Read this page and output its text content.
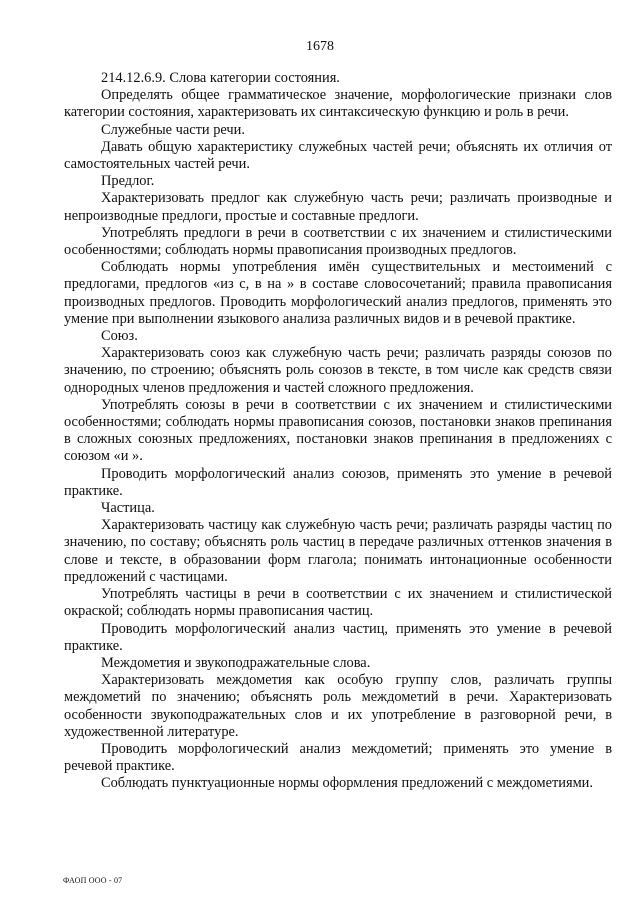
1678

214.12.6.9. Слова категории состояния.

Определять общее грамматическое значение, морфологические признаки слов категории состояния, характеризовать их синтаксическую функцию и роль в речи.

Служебные части речи.

Давать общую характеристику служебных частей речи; объяснять их отличия от самостоятельных частей речи.

Предлог.

Характеризовать предлог как служебную часть речи; различать производные и непроизводные предлоги, простые и составные предлоги.

Употреблять предлоги в речи в соответствии с их значением и стилистическими особенностями; соблюдать нормы правописания производных предлогов.

Соблюдать нормы употребления имён существительных и местоимений с предлогами, предлогов «из с, в на » в составе словосочетаний; правила правописания производных предлогов. Проводить морфологический анализ предлогов, применять это умение при выполнении языкового анализа различных видов и в речевой практике.

Союз.

Характеризовать союз как служебную часть речи; различать разряды союзов по значению, по строению; объяснять роль союзов в тексте, в том числе как средств связи однородных членов предложения и частей сложного предложения.

Употреблять союзы в речи в соответствии с их значением и стилистическими особенностями; соблюдать нормы правописания союзов, постановки знаков препинания в сложных союзных предложениях, постановки знаков препинания в предложениях с союзом «и ».

Проводить морфологический анализ союзов, применять это умение в речевой практике.

Частица.

Характеризовать частицу как служебную часть речи; различать разряды частиц по значению, по составу; объяснять роль частиц в передаче различных оттенков значения в слове и тексте, в образовании форм глагола; понимать интонационные особенности предложений с частицами.

Употреблять частицы в речи в соответствии с их значением и стилистической окраской; соблюдать нормы правописания частиц.

Проводить морфологический анализ частиц, применять это умение в речевой практике.

Междометия и звукоподражательные слова.

Характеризовать междометия как особую группу слов, различать группы междометий по значению; объяснять роль междометий в речи. Характеризовать особенности звукоподражательных слов и их употребление в разговорной речи, в художественной литературе.

Проводить морфологический анализ междометий; применять это умение в речевой практике.

Соблюдать пунктуационные нормы оформления предложений с междометиями.

ФАОП ООО - 07
